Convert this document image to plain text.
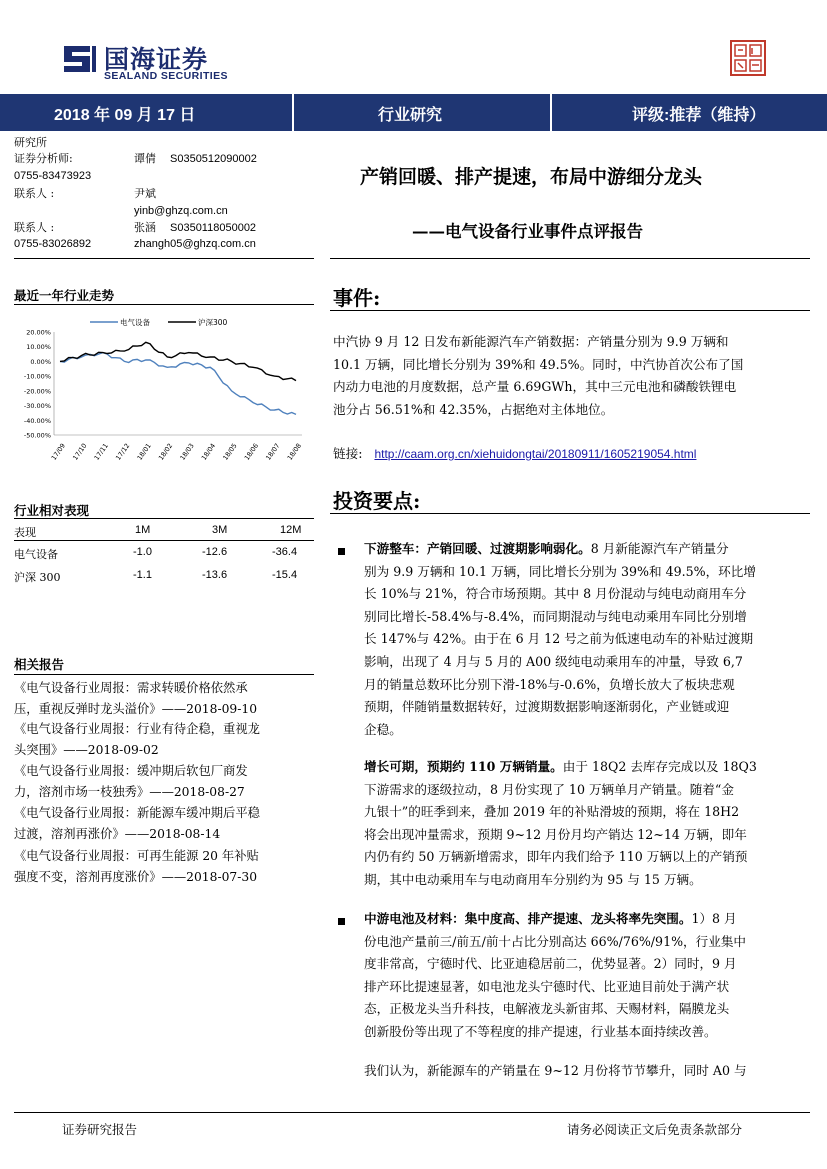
国海证券
SEALAND SECURITIES
2018 年 09 月 17 日	行业研究	评级:推荐（维持）
研究所
证券分析师:	谭倩 S0350512090002
0755-83473923
联系人 :	尹斌
yinb@ghzq.com.cn
联系人 :	张涵 S0350118050002
0755-83026892	zhangh05@ghzq.com.cn
产销回暖、排产提速，布局中游细分龙头
——电气设备行业事件点评报告
最近一年行业走势
电气设备	沪深300
20.00%
10.00%
0.00%
-10.00%
-20.00%
-30.00%
-40.00%
-50.00%
17/09 17/10 17/11 17/12 18/01 18/02 18/03 18/04 18/05 18/06 18/07 18/08
行业相对表现
表现	1M	3M	12M
电气设备	-1.0	-12.6	-36.4
沪深 300	-1.1	-13.6	-15.4
相关报告
《电气设备行业周报：需求转暖价格依然承
压，重视反弹时龙头溢价》——2018-09-10
《电气设备行业周报：行业有待企稳，重视龙
头突围》——2018-09-02
《电气设备行业周报：缓冲期后软包厂商发
力，溶剂市场一枝独秀》——2018-08-27
《电气设备行业周报：新能源车缓冲期后平稳
过渡，溶剂再涨价》——2018-08-14
《电气设备行业周报：可再生能源 20 年补贴
强度不变，溶剂再度涨价》——2018-07-30
事件:
中汽协 9 月 12 日发布新能源汽车产销数据：产销量分别为 9.9 万辆和
10.1 万辆，同比增长分别为 39%和 49.5%。同时，中汽协首次公布了国
内动力电池的月度数据，总产量 6.69GWh，其中三元电池和磷酸铁锂电
池分占 56.51%和 42.35%，占据绝对主体地位。
链接: http://caam.org.cn/xiehuidongtai/20180911/1605219054.html
投资要点:
下游整车：产销回暖、过渡期影响弱化。8 月新能源汽车产销量分
别为 9.9 万辆和 10.1 万辆，同比增长分别为 39%和 49.5%，环比增
长 10%与 21%，符合市场预期。其中 8 月份混动与纯电动商用车分
别同比增长-58.4%与-8.4%，而同期混动与纯电动乘用车同比分别增
长 147%与 42%。由于在 6 月 12 号之前为低速电动车的补贴过渡期
影响，出现了 4 月与 5 月的 A00 级纯电动乘用车的冲量，导致 6,7
月的销量总数环比分别下滑-18%与-0.6%，负增长放大了板块悲观
预期，伴随销量数据转好，过渡期数据影响逐渐弱化，产业链或迎
企稳。
增长可期，预期约 110 万辆销量。由于 18Q2 去库存完成以及 18Q3
下游需求的逐级拉动，8 月份实现了 10 万辆单月产销量。随着“金
九银十”的旺季到来，叠加 2019 年的补贴滑坡的预期，将在 18H2
将会出现冲量需求，预期 9~12 月份月均产销达 12~14 万辆，即年
内仍有约 50 万辆新增需求，即年内我们给予 110 万辆以上的产销预
期，其中电动乘用车与电动商用车分别约为 95 与 15 万辆。
中游电池及材料：集中度高、排产提速、龙头将率先突围。1）8 月
份电池产量前三/前五/前十占比分别高达 66%/76%/91%，行业集中
度非常高，宁德时代、比亚迪稳居前二，优势显著。2）同时，9 月
排产环比提速显著，如电池龙头宁德时代、比亚迪目前处于满产状
态，正极龙头当升科技，电解液龙头新宙邦、天赐材料，隔膜龙头
创新股份等出现了不等程度的排产提速，行业基本面持续改善。
我们认为，新能源车的产销量在 9~12 月份将节节攀升，同时 A0 与
证券研究报告	请务必阅读正文后免责条款部分
